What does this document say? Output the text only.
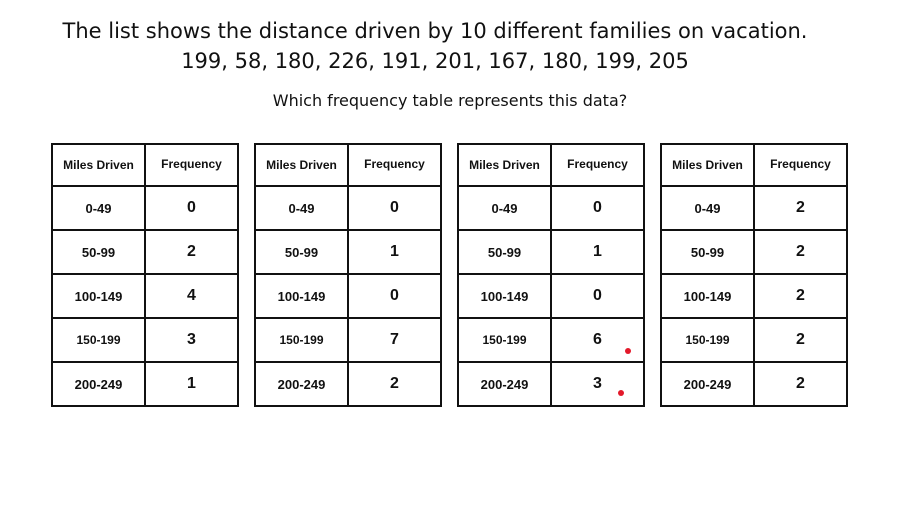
The list shows the distance driven by 10 different families on vacation.
199, 58, 180, 226, 191, 201, 167, 180, 199, 205
Which frequency table represents this data?
Miles Driven	Frequency
0-49	0
50-99	2
100-149	4
150-199	3
200-249	1
Miles Driven	Frequency
0-49	0
50-99	1
100-149	0
150-199	7
200-249	2
Miles Driven	Frequency
0-49	0
50-99	1
100-149	0
150-199	6
200-249	3
Miles Driven	Frequency
0-49	2
50-99	2
100-149	2
150-199	2
200-249	2
